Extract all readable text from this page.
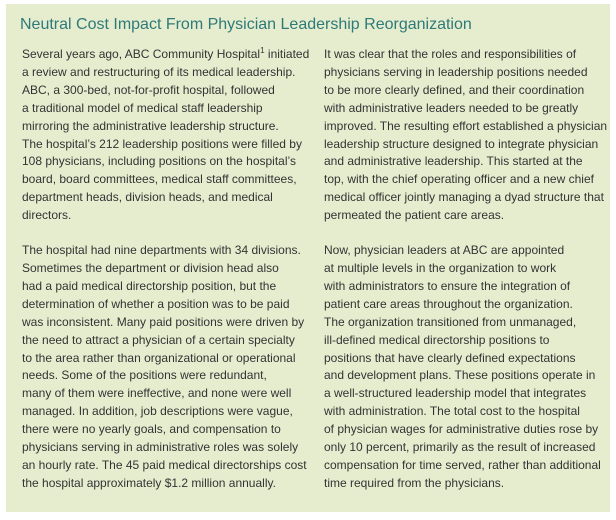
Neutral Cost Impact From Physician Leadership Reorganization

Several years ago, ABC Community Hospital$^1$ initiated
a review and restructuring of its medical leadership.
ABC, a 300-bed, not-for-profit hospital, followed
a traditional model of medical staff leadership
mirroring the administrative leadership structure.
The hospital’s 212 leadership positions were filled by
108 physicians, including positions on the hospital’s
board, board committees, medical staff committees,
department heads, division heads, and medical
directors.

The hospital had nine departments with 34 divisions.
Sometimes the department or division head also
had a paid medical directorship position, but the
determination of whether a position was to be paid
was inconsistent. Many paid positions were driven by
the need to attract a physician of a certain specialty
to the area rather than organizational or operational
needs. Some of the positions were redundant,
many of them were ineffective, and none were well
managed. In addition, job descriptions were vague,
there were no yearly goals, and compensation to
physicians serving in administrative roles was solely
an hourly rate. The 45 paid medical directorships cost
the hospital approximately $1.2 million annually.

It was clear that the roles and responsibilities of
physicians serving in leadership positions needed
to be more clearly defined, and their coordination
with administrative leaders needed to be greatly
improved. The resulting effort established a physician
leadership structure designed to integrate physician
and administrative leadership. This started at the
top, with the chief operating officer and a new chief
medical officer jointly managing a dyad structure that
permeated the patient care areas.

Now, physician leaders at ABC are appointed
at multiple levels in the organization to work
with administrators to ensure the integration of
patient care areas throughout the organization.
The organization transitioned from unmanaged,
ill-defined medical directorship positions to
positions that have clearly defined expectations
and development plans. These positions operate in
a well-structured leadership model that integrates
with administration. The total cost to the hospital
of physician wages for administrative duties rose by
only 10 percent, primarily as the result of increased
compensation for time served, rather than additional
time required from the physicians.
